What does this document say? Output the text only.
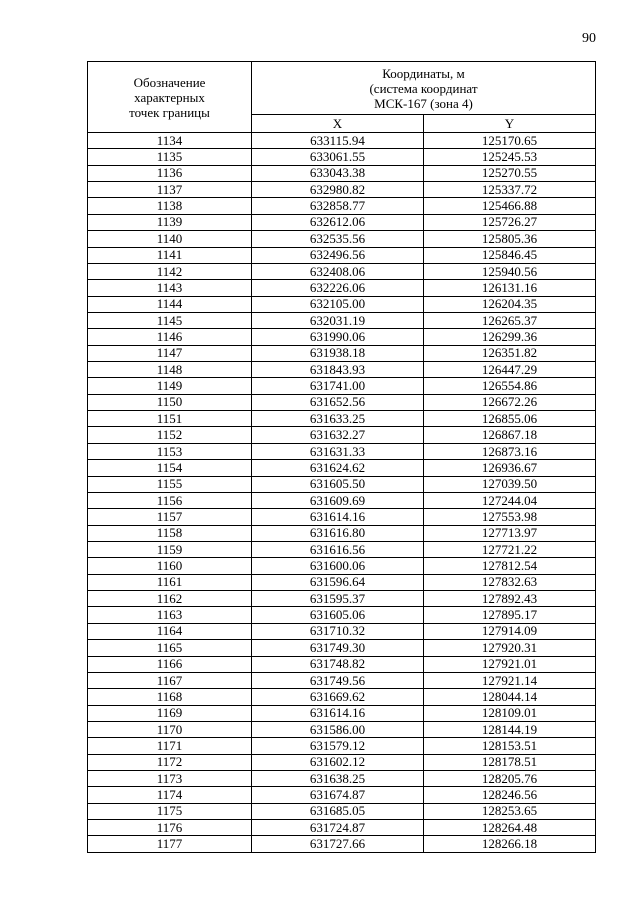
90
Обозначение
характерных
точек границы	Координаты, м
(система координат
МСК-167 (зона 4)	

	X	Y
1134	633115.94	125170.65
1135	633061.55	125245.53
1136	633043.38	125270.55
1137	632980.82	125337.72
1138	632858.77	125466.88
1139	632612.06	125726.27
1140	632535.56	125805.36
1141	632496.56	125846.45
1142	632408.06	125940.56
1143	632226.06	126131.16
1144	632105.00	126204.35
1145	632031.19	126265.37
1146	631990.06	126299.36
1147	631938.18	126351.82
1148	631843.93	126447.29
1149	631741.00	126554.86
1150	631652.56	126672.26
1151	631633.25	126855.06
1152	631632.27	126867.18
1153	631631.33	126873.16
1154	631624.62	126936.67
1155	631605.50	127039.50
1156	631609.69	127244.04
1157	631614.16	127553.98
1158	631616.80	127713.97
1159	631616.56	127721.22
1160	631600.06	127812.54
1161	631596.64	127832.63
1162	631595.37	127892.43
1163	631605.06	127895.17
1164	631710.32	127914.09
1165	631749.30	127920.31
1166	631748.82	127921.01
1167	631749.56	127921.14
1168	631669.62	128044.14
1169	631614.16	128109.01
1170	631586.00	128144.19
1171	631579.12	128153.51
1172	631602.12	128178.51
1173	631638.25	128205.76
1174	631674.87	128246.56
1175	631685.05	128253.65
1176	631724.87	128264.48
1177	631727.66	128266.18
